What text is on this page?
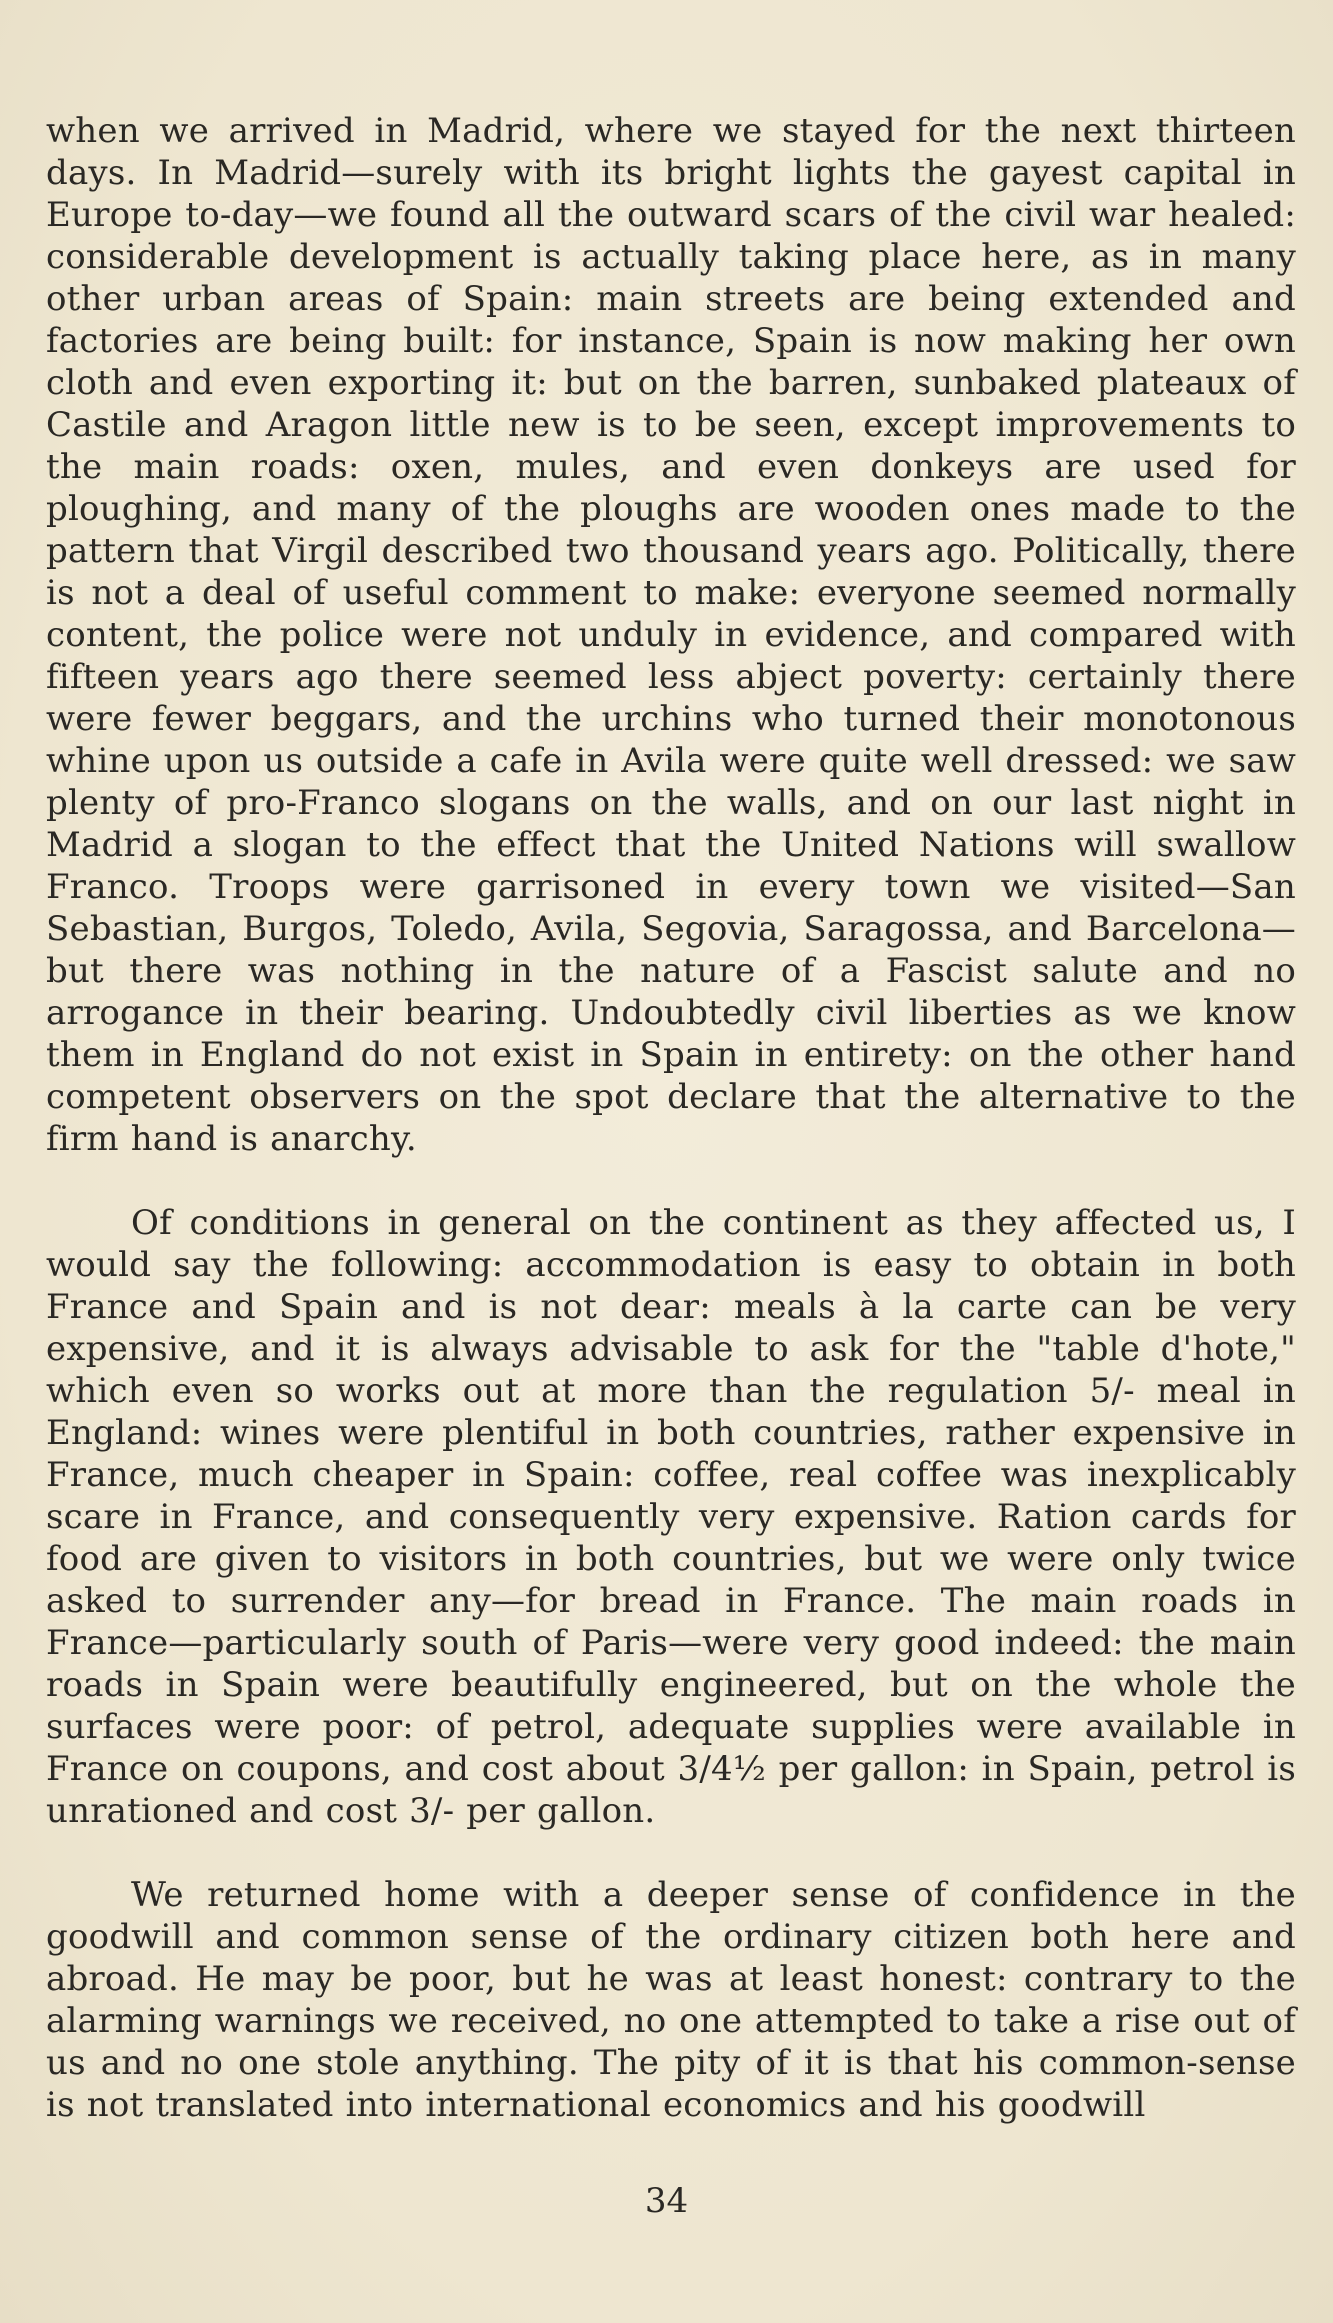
when we arrived in Madrid, where we stayed for the next thirteen days. In Madrid—surely with its bright lights the gayest capital in Europe to-day—we found all the outward scars of the civil war healed: considerable development is actually taking place here, as in many other urban areas of Spain: main streets are being extended and factories are being built: for instance, Spain is now making her own cloth and even exporting it: but on the barren, sunbaked plateaux of Castile and Aragon little new is to be seen, except improvements to the main roads: oxen, mules, and even donkeys are used for ploughing, and many of the ploughs are wooden ones made to the pattern that Virgil described two thousand years ago. Politically, there is not a deal of useful comment to make: everyone seemed normally content, the police were not unduly in evidence, and compared with fifteen years ago there seemed less abject poverty: certainly there were fewer beggars, and the urchins who turned their monotonous whine upon us outside a cafe in Avila were quite well dressed: we saw plenty of pro-Franco slogans on the walls, and on our last night in Madrid a slogan to the effect that the United Nations will swallow Franco. Troops were garrisoned in every town we visited—San Sebastian, Burgos, Toledo, Avila, Segovia, Saragossa, and Barcelona—but there was nothing in the nature of a Fascist salute and no arrogance in their bearing. Undoubtedly civil liberties as we know them in England do not exist in Spain in entirety: on the other hand competent observers on the spot declare that the alternative to the firm hand is anarchy.

Of conditions in general on the continent as they affected us, I would say the following: accommodation is easy to obtain in both France and Spain and is not dear: meals à la carte can be very expensive, and it is always advisable to ask for the "table d'hote," which even so works out at more than the regulation 5/- meal in England: wines were plentiful in both countries, rather expensive in France, much cheaper in Spain: coffee, real coffee was inexplicably scare in France, and consequently very expensive. Ration cards for food are given to visitors in both countries, but we were only twice asked to surrender any—for bread in France. The main roads in France—particularly south of Paris—were very good indeed: the main roads in Spain were beautifully engineered, but on the whole the surfaces were poor: of petrol, adequate supplies were available in France on coupons, and cost about 3/4½ per gallon: in Spain, petrol is unrationed and cost 3/- per gallon.

We returned home with a deeper sense of confidence in the goodwill and common sense of the ordinary citizen both here and abroad. He may be poor, but he was at least honest: contrary to the alarming warnings we received, no one attempted to take a rise out of us and no one stole anything. The pity of it is that his common-sense is not translated into international economics and his goodwill

34
